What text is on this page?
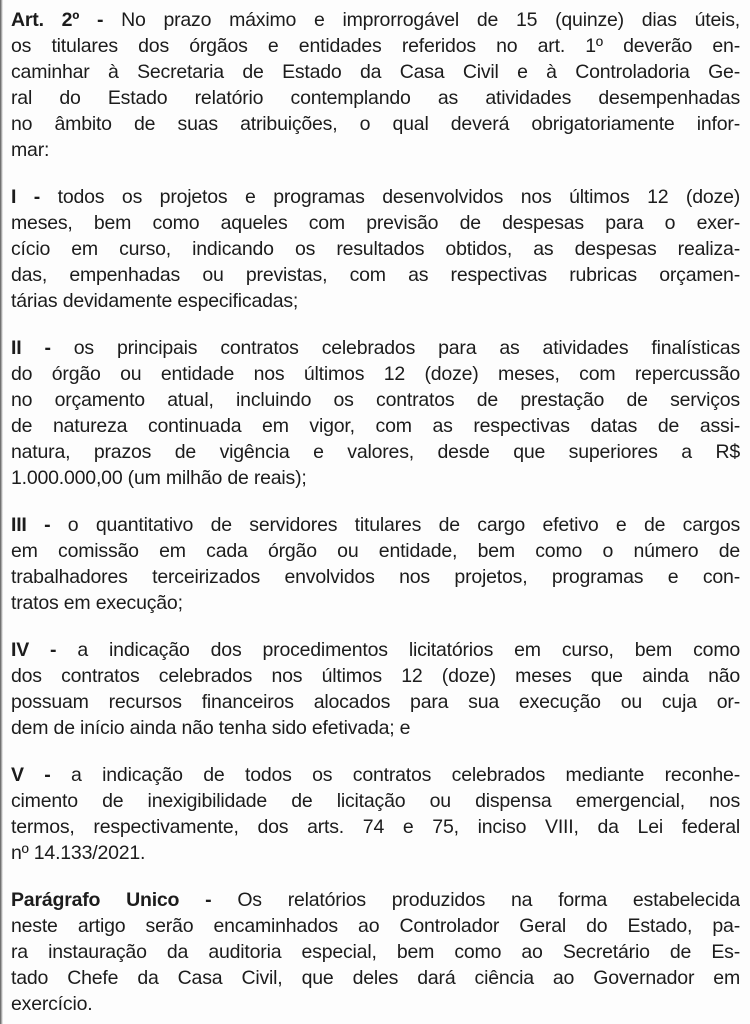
Art. 2º - No prazo máximo e improrrogável de 15 (quinze) dias úteis,
os titulares dos órgãos e entidades referidos no art. 1º deverão en-
caminhar à Secretaria de Estado da Casa Civil e à Controladoria Ge-
ral do Estado relatório contemplando as atividades desempenhadas
no âmbito de suas atribuições, o qual deverá obrigatoriamente infor-
mar:
I - todos os projetos e programas desenvolvidos nos últimos 12 (doze)
meses, bem como aqueles com previsão de despesas para o exer-
cício em curso, indicando os resultados obtidos, as despesas realiza-
das, empenhadas ou previstas, com as respectivas rubricas orçamen-
tárias devidamente especificadas;
II - os principais contratos celebrados para as atividades finalísticas
do órgão ou entidade nos últimos 12 (doze) meses, com repercussão
no orçamento atual, incluindo os contratos de prestação de serviços
de natureza continuada em vigor, com as respectivas datas de assi-
natura, prazos de vigência e valores, desde que superiores a R$
1.000.000,00 (um milhão de reais);
III - o quantitativo de servidores titulares de cargo efetivo e de cargos
em comissão em cada órgão ou entidade, bem como o número de
trabalhadores terceirizados envolvidos nos projetos, programas e con-
tratos em execução;
IV - a indicação dos procedimentos licitatórios em curso, bem como
dos contratos celebrados nos últimos 12 (doze) meses que ainda não
possuam recursos financeiros alocados para sua execução ou cuja or-
dem de início ainda não tenha sido efetivada; e
V - a indicação de todos os contratos celebrados mediante reconhe-
cimento de inexigibilidade de licitação ou dispensa emergencial, nos
termos, respectivamente, dos arts. 74 e 75, inciso VIII, da Lei federal
nº 14.133/2021.
Parágrafo Unico - Os relatórios produzidos na forma estabelecida
neste artigo serão encaminhados ao Controlador Geral do Estado, pa-
ra instauração da auditoria especial, bem como ao Secretário de Es-
tado Chefe da Casa Civil, que deles dará ciência ao Governador em
exercício.
